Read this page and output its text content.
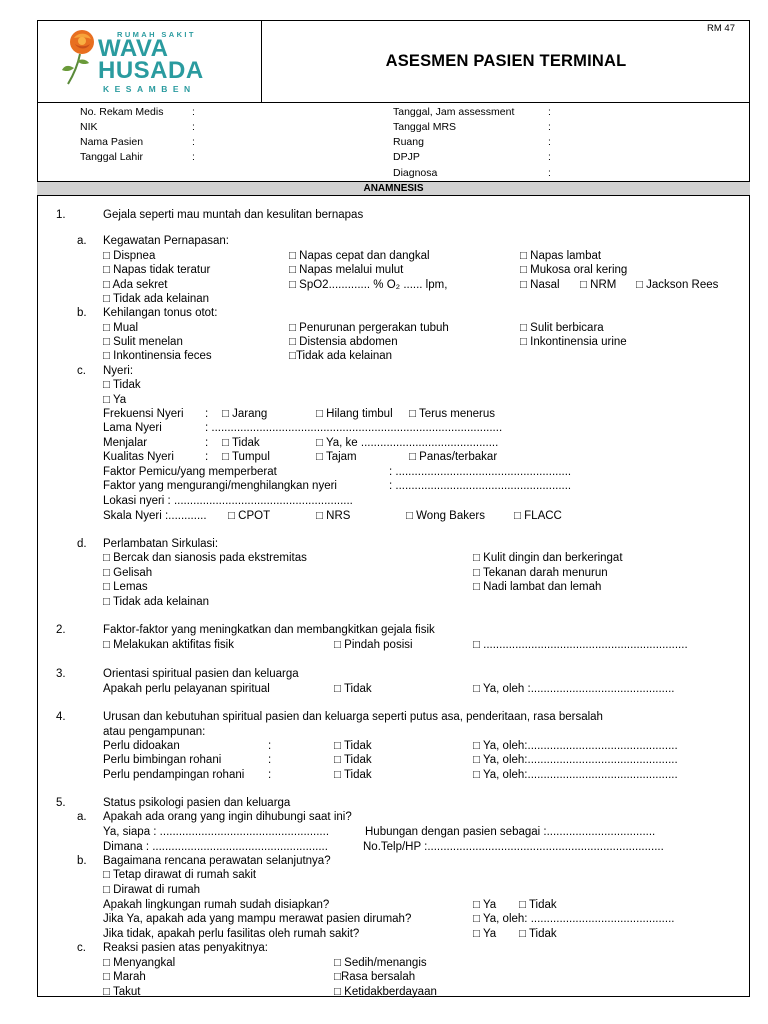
RUMAH SAKIT
WAVA
HUSADA
KESAMBEN
RM 47
ASESMEN PASIEN TERMINAL
No. Rekam Medis	:
NIK	:
Nama Pasien	:
Tanggal Lahir	:
Tanggal, Jam assessment	:
Tanggal MRS	:
Ruang	:
DPJP	:
Diagnosa	:
ANAMNESIS
1.	Gejala seperti mau muntah dan kesulitan bernapas
a. Kegawatan Pernapasan:
□ Dispnea	□ Napas cepat dan dangkal	□ Napas lambat
□ Napas tidak teratur	□ Napas melalui mulut	□ Mukosa oral kering
□ Ada sekret	□ SpO2............. % O₂ ...... lpm,	□ Nasal □ NRM □ Jackson Rees
□ Tidak ada kelainan
b. Kehilangan tonus otot:
□ Mual	□ Penurunan pergerakan tubuh	□ Sulit berbicara
□ Sulit menelan	□ Distensia abdomen	□ Inkontinensia urine
□ Inkontinensia feces	□Tidak ada kelainan
c. Nyeri:
□ Tidak
□ Ya
Frekuensi Nyeri : □ Jarang	□ Hilang timbul □ Terus menerus
Lama Nyeri	: ...........................................................................................
Menjalar	: □ Tidak	□ Ya, ke ...........................................
Kualitas Nyeri	: □ Tumpul	□ Tajam	□ Panas/terbakar
Faktor Pemicu/yang memperberat	: .......................................................
Faktor yang mengurangi/menghilangkan nyeri	: .......................................................
Lokasi nyeri : ........................................................
Skala Nyeri :............ □ CPOT	□ NRS	□ Wong Bakers	□ FLACC
d. Perlambatan Sirkulasi:
□ Bercak dan sianosis pada ekstremitas	□ Kulit dingin dan berkeringat
□ Gelisah	□ Tekanan darah menurun
□ Lemas	□ Nadi lambat dan lemah
□ Tidak ada kelainan
2.	Faktor-faktor yang meningkatkan dan membangkitkan gejala fisik
□ Melakukan aktifitas fisik	□ Pindah posisi	□ ................................................................
3.	Orientasi spiritual pasien dan keluarga
Apakah perlu pelayanan spiritual	□ Tidak	□ Ya, oleh :.............................................
4.	Urusan dan kebutuhan spiritual pasien dan keluarga seperti putus asa, penderitaan, rasa bersalah
atau pengampunan:
Perlu didoakan	:	□ Tidak	□ Ya, oleh:...............................................
Perlu bimbingan rohani	:	□ Tidak	□ Ya, oleh:...............................................
Perlu pendampingan rohani :	□ Tidak	□ Ya, oleh:...............................................
5.	Status psikologi pasien dan keluarga
a. Apakah ada orang yang ingin dihubungi saat ini?
Ya, siapa : .....................................................	Hubungan dengan pasien sebagai :..................................
Dimana : .......................................................	No.Telp/HP :..........................................................................
b. Bagaimana rencana perawatan selanjutnya?
□ Tetap dirawat di rumah sakit
□ Dirawat di rumah
Apakah lingkungan rumah sudah disiapkan?	□ Ya □ Tidak
Jika Ya, apakah ada yang mampu merawat pasien dirumah?	□ Ya, oleh: .............................................
Jika tidak, apakah perlu fasilitas oleh rumah sakit?	□ Ya □ Tidak
c. Reaksi pasien atas penyakitnya:
□ Menyangkal	□ Sedih/menangis
□ Marah	□Rasa bersalah
□ Takut	□ Ketidakberdayaan
